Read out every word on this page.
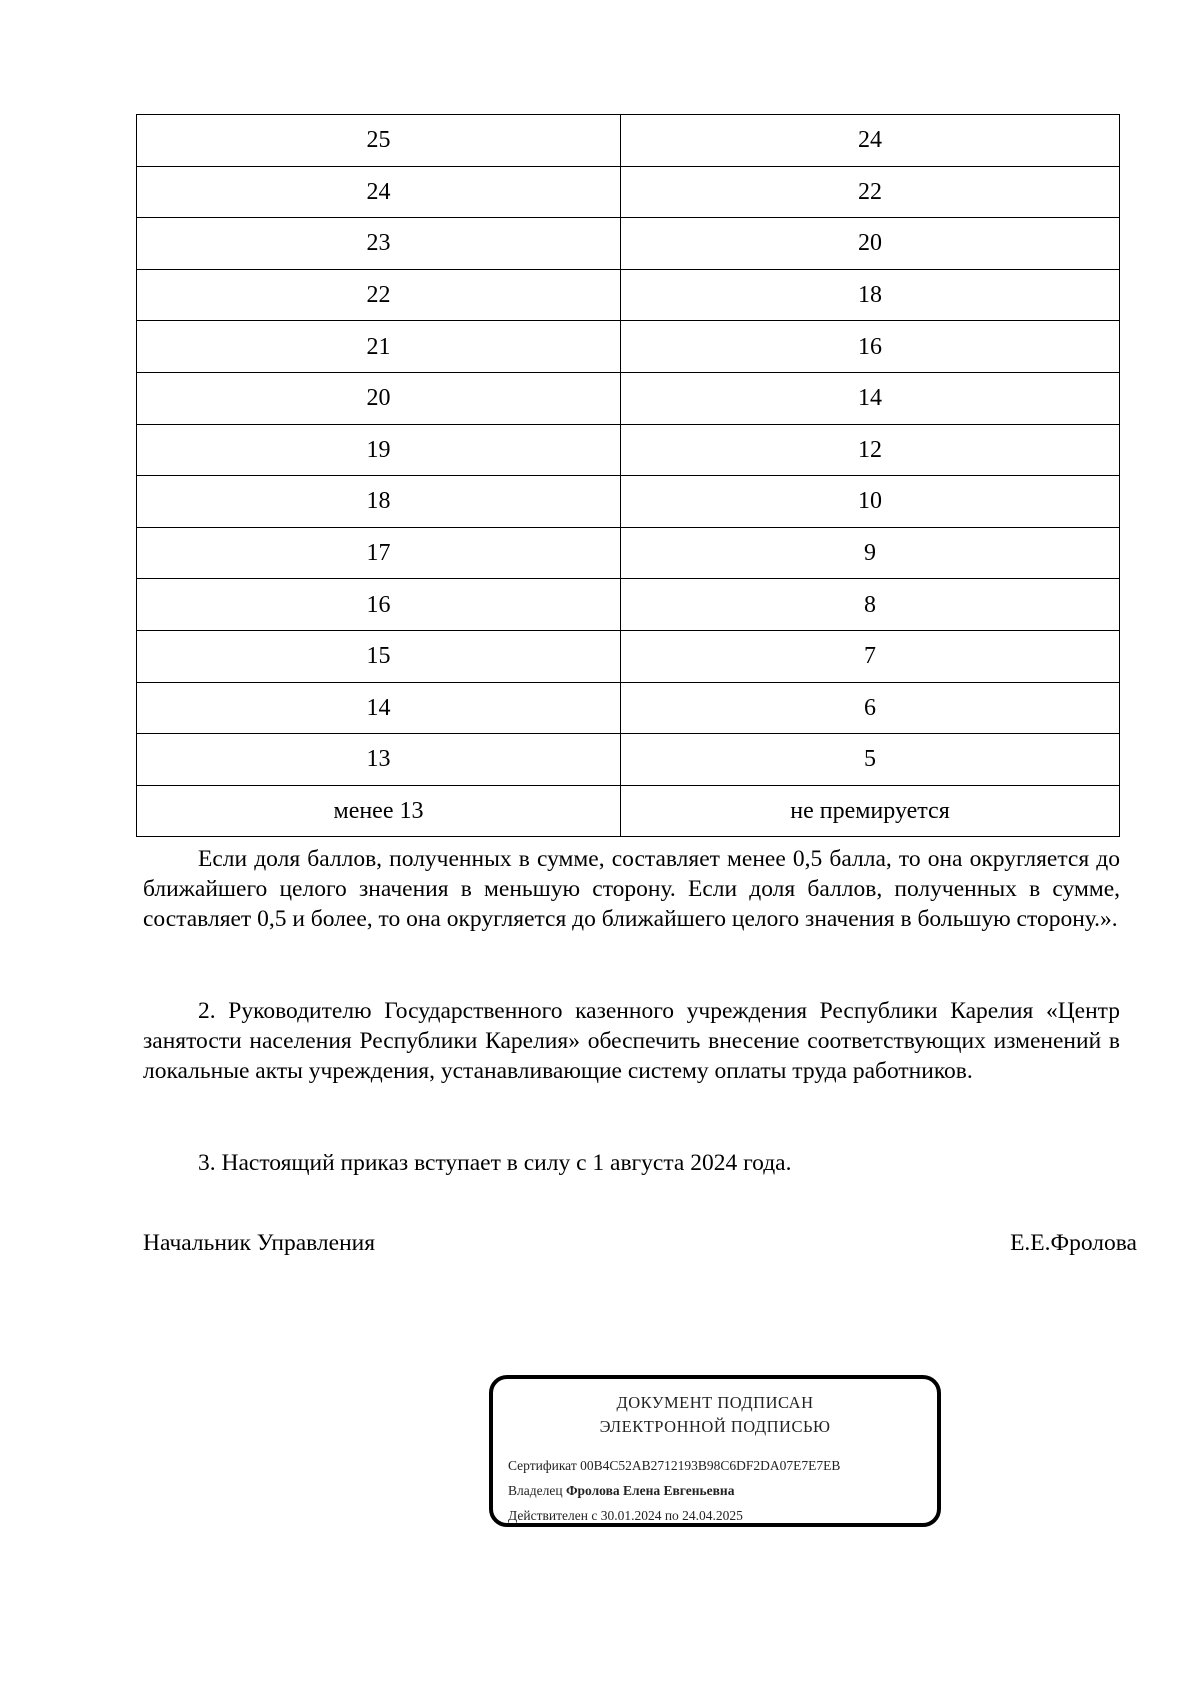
25	24
24	22
23	20
22	18
21	16
20	14
19	12
18	10
17	9
16	8
15	7
14	6
13	5
менее 13	не премируется
Если доля баллов, полученных в сумме, составляет менее 0,5 балла, то она округляется до ближайшего целого значения в меньшую сторону. Если доля баллов, полученных в сумме, составляет 0,5 и более, то она округляется до ближайшего целого значения в большую сторону.».
2. Руководителю Государственного казенного учреждения Республики Карелия «Центр занятости населения Республики Карелия» обеспечить внесение соответствующих изменений в локальные акты учреждения, устанавливающие систему оплаты труда работников.
3. Настоящий приказ вступает в силу с 1 августа 2024 года.
Начальник Управления	Е.Е.Фролова
ДОКУМЕНТ ПОДПИСАН
ЭЛЕКТРОННОЙ ПОДПИСЬЮ
Сертификат 00B4C52AB2712193B98C6DF2DA07E7E7EB
Владелец Фролова Елена Евгеньевна
Действителен с 30.01.2024 по 24.04.2025
